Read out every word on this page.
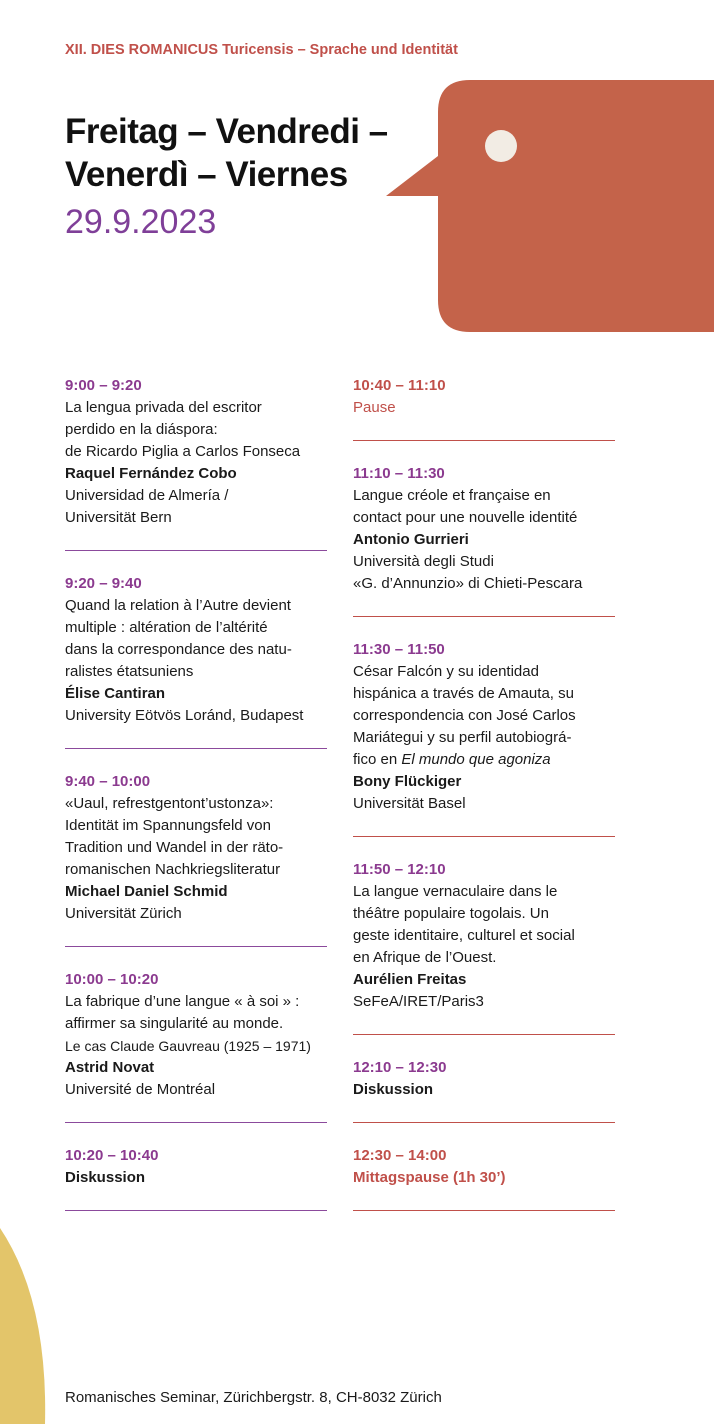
XII. DIES ROMANICUS Turicensis – Sprache und Identität
Freitag – Vendredi –
Venerdì – Viernes
29.9.2023
9:00 – 9:20
La lengua privada del escritor
perdido en la diáspora:
de Ricardo Piglia a Carlos Fonseca
Raquel Fernández Cobo
Universidad de Almería /
Universität Bern
9:20 – 9:40
Quand la relation à l’Autre devient
multiple : altération de l’altérité
dans la correspondance des natu-
ralistes étatsuniens
Élise Cantiran
University Eötvös Loránd, Budapest
9:40 – 10:00
«Uaul, refrestgentont’ustonza»:
Identität im Spannungsfeld von
Tradition und Wandel in der räto-
romanischen Nachkriegsliteratur
Michael Daniel Schmid
Universität Zürich
10:00 – 10:20
La fabrique d’une langue « à soi » :
affirmer sa singularité au monde.
Le cas Claude Gauvreau (1925 – 1971)
Astrid Novat
Université de Montréal
10:20 – 10:40
Diskussion
10:40 – 11:10
Pause
11:10 – 11:30
Langue créole et française en
contact pour une nouvelle identité
Antonio Gurrieri
Università degli Studi
«G. d’Annunzio» di Chieti-Pescara
11:30 – 11:50
César Falcón y su identidad
hispánica a través de Amauta, su
correspondencia con José Carlos
Mariátegui y su perfil autobiográ-
fico en El mundo que agoniza
Bony Flückiger
Universität Basel
11:50 – 12:10
La langue vernaculaire dans le
théâtre populaire togolais. Un
geste identitaire, culturel et social
en Afrique de l’Ouest.
Aurélien Freitas
SeFeA/IRET/Paris3
12:10 – 12:30
Diskussion
12:30 – 14:00
Mittagspause (1h 30’)
Romanisches Seminar, Zürichbergstr. 8, CH-8032 Zürich
